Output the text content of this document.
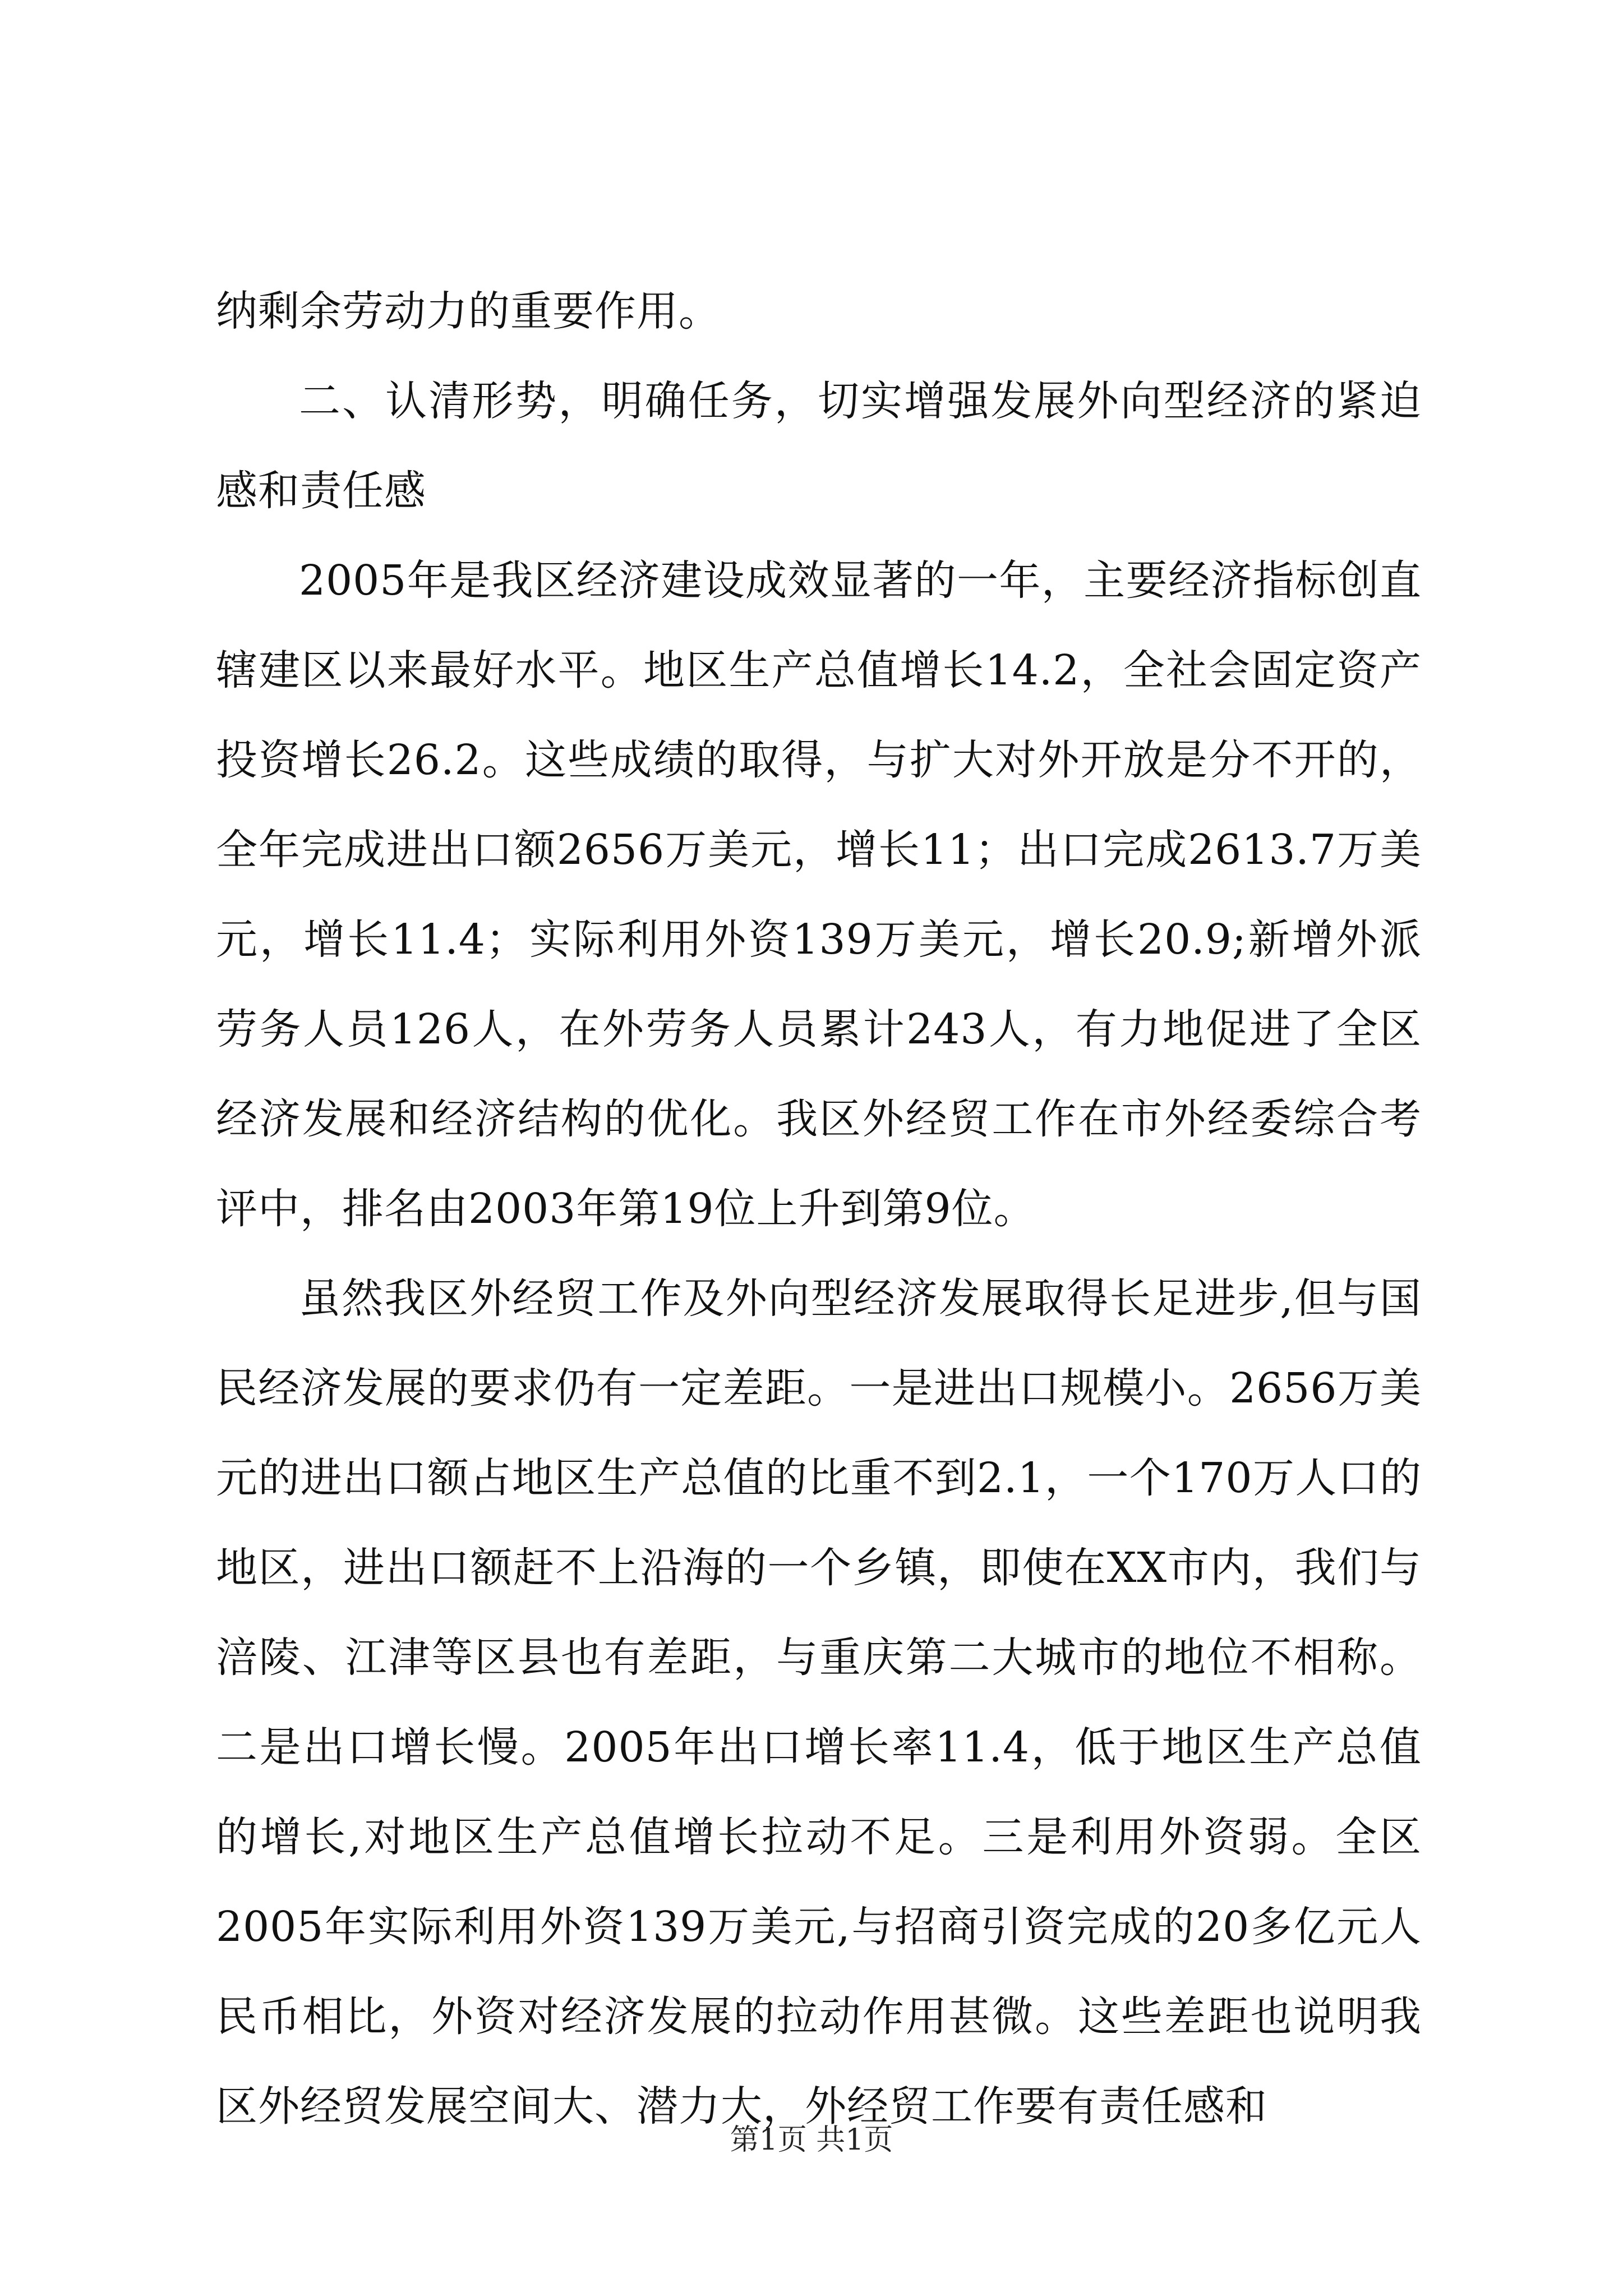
纳剩余劳动力的重要作用。

二、认清形势，明确任务，切实增强发展外向型经济的紧迫感和责任感

2005年是我区经济建设成效显著的一年，主要经济指标创直辖建区以来最好水平。地区生产总值增长14.2，全社会固定资产投资增长26.2。这些成绩的取得，与扩大对外开放是分不开的，全年完成进出口额2656万美元，增长11；出口完成2613.7万美元，增长11.4；实际利用外资139万美元，增长20.9;新增外派劳务人员126人，在外劳务人员累计243人，有力地促进了全区经济发展和经济结构的优化。我区外经贸工作在市外经委综合考评中，排名由2003年第19位上升到第9位。

虽然我区外经贸工作及外向型经济发展取得长足进步,但与国民经济发展的要求仍有一定差距。一是进出口规模小。2656万美元的进出口额占地区生产总值的比重不到2.1，一个170万人口的地区，进出口额赶不上沿海的一个乡镇，即使在XX市内，我们与涪陵、江津等区县也有差距，与重庆第二大城市的地位不相称。二是出口增长慢。2005年出口增长率11.4，低于地区生产总值的增长,对地区生产总值增长拉动不足。三是利用外资弱。全区2005年实际利用外资139万美元,与招商引资完成的20多亿元人民币相比，外资对经济发展的拉动作用甚微。这些差距也说明我区外经贸发展空间大、潜力大，外经贸工作要有责任感和

第1页 共1页
